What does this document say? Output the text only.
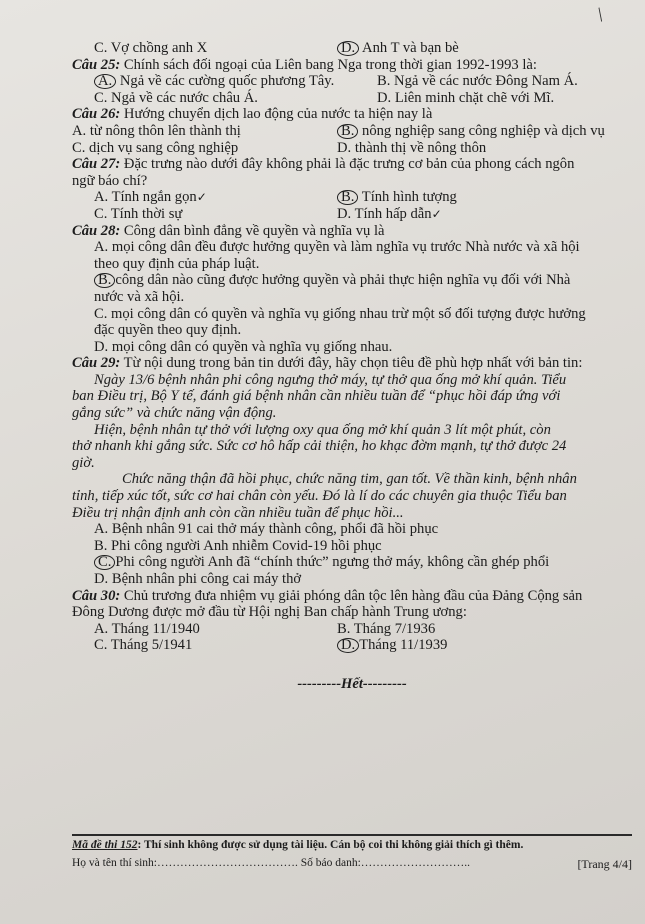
/
C. Vợ chồng anh X	D. Anh T và bạn bè
Câu 25: Chính sách đối ngoại của Liên bang Nga trong thời gian 1992-1993 là:
A. Ngả về các cường quốc phương Tây.	B. Ngả về các nước Đông Nam Á.
C. Ngả về các nước châu Á.	D. Liên minh chặt chẽ với Mĩ.
Câu 26: Hướng chuyển dịch lao động của nước ta hiện nay là
A. từ nông thôn lên thành thị	B. nông nghiệp sang công nghiệp và dịch vụ
C. dịch vụ sang công nghiệp	D. thành thị về nông thôn
Câu 27: Đặc trưng nào dưới đây không phải là đặc trưng cơ bản của phong cách ngôn
ngữ báo chí?
A. Tính ngắn gọn✓	B. Tính hình tượng
C. Tính thời sự	D. Tính hấp dẫn✓
Câu 28: Công dân bình đẳng về quyền và nghĩa vụ là
A. mọi công dân đều được hưởng quyền và làm nghĩa vụ trước Nhà nước và xã hội
theo quy định của pháp luật.
B. công dân nào cũng được hưởng quyền và phải thực hiện nghĩa vụ đối với Nhà
nước và xã hội.
C. mọi công dân có quyền và nghĩa vụ giống nhau trừ một số đối tượng được hưởng
đặc quyền theo quy định.
D. mọi công dân có quyền và nghĩa vụ giống nhau.
Câu 29: Từ nội dung trong bản tin dưới đây, hãy chọn tiêu đề phù hợp nhất với bản tin:
Ngày 13/6 bệnh nhân phi công ngưng thở máy, tự thở qua ống mở khí quản. Tiểu
ban Điều trị, Bộ Y tế, đánh giá bệnh nhân cần nhiều tuần để “phục hồi đáp ứng với
gắng sức” và chức năng vận động.
Hiện, bệnh nhân tự thở với lượng oxy qua ống mở khí quản 3 lít một phút, còn
thở nhanh khi gắng sức. Sức cơ hô hấp cải thiện, ho khạc đờm mạnh, tự thở được 24
giờ.
Chức năng thận đã hồi phục, chức năng tim, gan tốt. Về thần kinh, bệnh nhân
tỉnh, tiếp xúc tốt, sức cơ hai chân còn yếu. Đó là lí do các chuyên gia thuộc Tiểu ban
Điều trị nhận định anh còn cần nhiều tuần để phục hồi...
A. Bệnh nhân 91 cai thở máy thành công, phổi đã hồi phục
B. Phi công người Anh nhiễm Covid-19 hồi phục
C. Phi công người Anh đã “chính thức” ngưng thở máy, không cần ghép phổi
D. Bệnh nhân phi công cai máy thở
Câu 30: Chủ trương đưa nhiệm vụ giải phóng dân tộc lên hàng đầu của Đảng Cộng sản
Đông Dương được mở đầu từ Hội nghị Ban chấp hành Trung ương:
A. Tháng 11/1940	B. Tháng 7/1936
C. Tháng 5/1941	D. Tháng 11/1939
---------Hết---------
Mã đề thi 152: Thí sinh không được sử dụng tài liệu. Cán bộ coi thi không giải thích gì thêm.
Họ và tên thí sinh:………………………………. Số báo danh:………………………..	[Trang 4/4]
